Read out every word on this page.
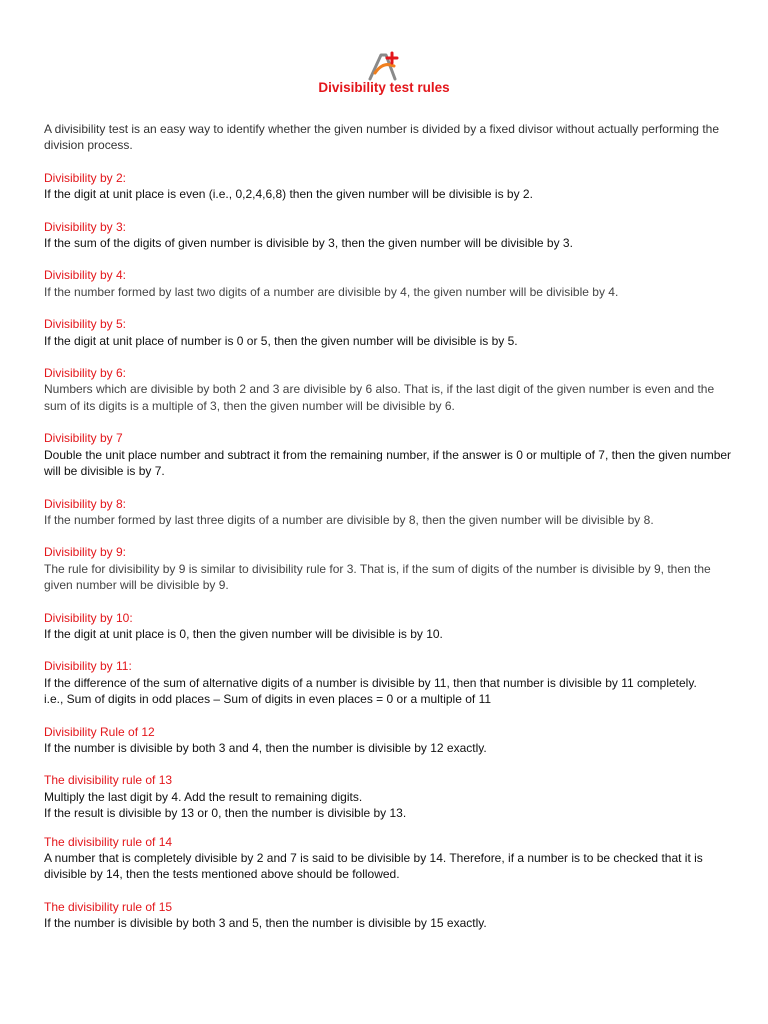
Divisibility test rules

A divisibility test is an easy way to identify whether the given number is divided by a fixed divisor without actually performing the division process.

Divisibility by 2:
If the digit at unit place is even (i.e., 0,2,4,6,8) then the given number will be divisible is by 2.
Divisibility by 3:
If the sum of the digits of given number is divisible by 3, then the given number will be divisible by 3.
Divisibility by 4:
If the number formed by last two digits of a number are divisible by 4, the given number will be divisible by 4.
Divisibility by 5:
If the digit at unit place of number is 0 or 5, then the given number will be divisible is by 5.
Divisibility by 6:
Numbers which are divisible by both 2 and 3 are divisible by 6 also. That is, if the last digit of the given number is even and the sum of its digits is a multiple of 3, then the given number will be divisible by 6.
Divisibility by 7
Double the unit place number and subtract it from the remaining number, if the answer is 0 or multiple of 7, then the given number will be divisible is by 7.
Divisibility by 8:
If the number formed by last three digits of a number are divisible by 8, then the given number will be divisible by 8.
Divisibility by 9:
The rule for divisibility by 9 is similar to divisibility rule for 3. That is, if the sum of digits of the number is divisible by 9, then the given number will be divisible by 9.
Divisibility by 10:
If the digit at unit place is 0, then the given number will be divisible is by 10.
Divisibility by 11:
If the difference of the sum of alternative digits of a number is divisible by 11, then that number is divisible by 11 completely.
i.e., Sum of digits in odd places – Sum of digits in even places = 0 or a multiple of 11
Divisibility Rule of 12
If the number is divisible by both 3 and 4, then the number is divisible by 12 exactly.
The divisibility rule of 13
Multiply the last digit by 4. Add the result to remaining digits.
If the result is divisible by 13 or 0, then the number is divisible by 13.
The divisibility rule of 14
A number that is completely divisible by 2 and 7 is said to be divisible by 14. Therefore, if a number is to be checked that it is divisible by 14, then the tests mentioned above should be followed.
The divisibility rule of 15
If the number is divisible by both 3 and 5, then the number is divisible by 15 exactly.
